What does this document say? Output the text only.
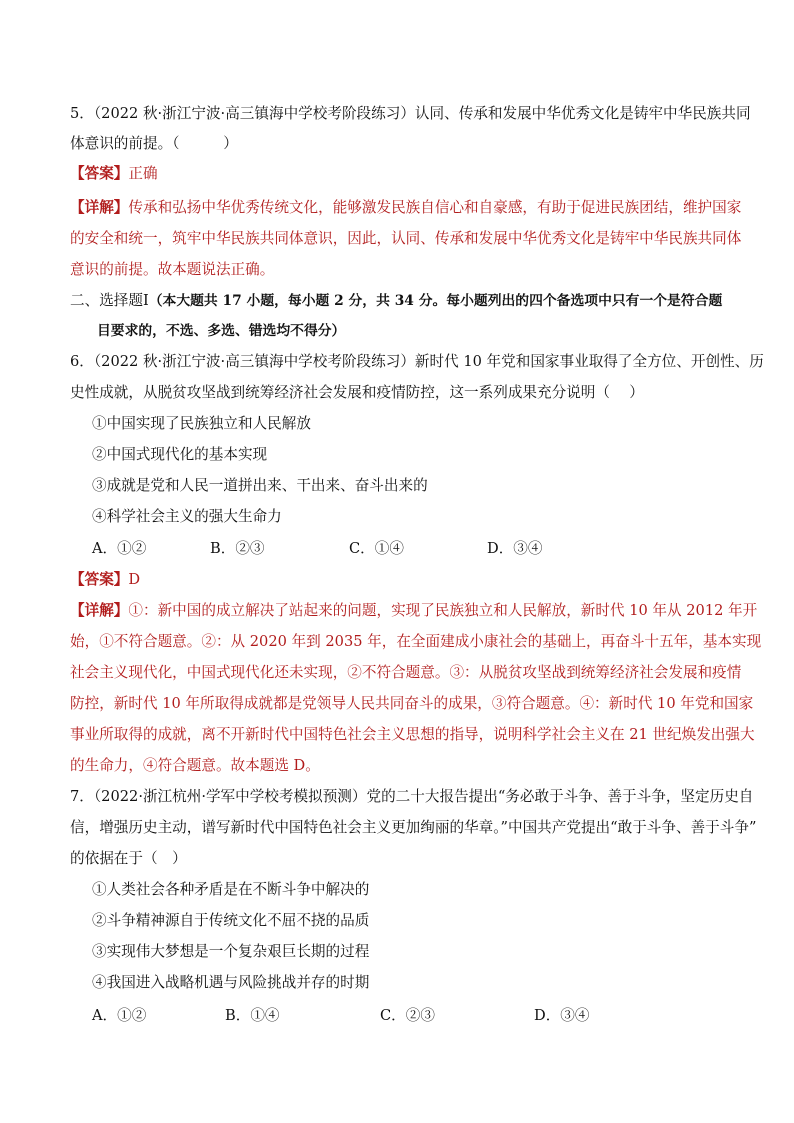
5．（2022 秋·浙江宁波·高三镇海中学校考阶段练习）认同、传承和发展中华优秀文化是铸牢中华民族共同
体意识的前提。（　　　）
【答案】正确
【详解】传承和弘扬中华优秀传统文化，能够激发民族自信心和自豪感，有助于促进民族团结，维护国家
的安全和统一，筑牢中华民族共同体意识，因此，认同、传承和发展中华优秀文化是铸牢中华民族共同体
意识的前提。故本题说法正确。
二、选择题Ⅰ（本大题共 17 小题，每小题 2 分，共 34 分。每小题列出的四个备选项中只有一个是符合题
目要求的，不选、多选、错选均不得分）
6．（2022 秋·浙江宁波·高三镇海中学校考阶段练习）新时代 10 年党和国家事业取得了全方位、开创性、历
史性成就，从脱贫攻坚战到统筹经济社会发展和疫情防控，这一系列成果充分说明（　 ）
①中国实现了民族独立和人民解放
②中国式现代化的基本实现
③成就是党和人民一道拼出来、干出来、奋斗出来的
④科学社会主义的强大生命力
A．①②	B．②③	C．①④	D．③④
【答案】D
【详解】①：新中国的成立解决了站起来的问题，实现了民族独立和人民解放，新时代 10 年从 2012 年开
始，①不符合题意。②：从 2020 年到 2035 年，在全面建成小康社会的基础上，再奋斗十五年，基本实现
社会主义现代化，中国式现代化还未实现，②不符合题意。③：从脱贫攻坚战到统筹经济社会发展和疫情
防控，新时代 10 年所取得成就都是党领导人民共同奋斗的成果，③符合题意。④：新时代 10 年党和国家
事业所取得的成就，离不开新时代中国特色社会主义思想的指导，说明科学社会主义在 21 世纪焕发出强大
的生命力，④符合题意。故本题选 D。
7．（2022·浙江杭州·学军中学校考模拟预测）党的二十大报告提出“务必敢于斗争、善于斗争，坚定历史自
信，增强历史主动，谱写新时代中国特色社会主义更加绚丽的华章。”中国共产党提出“敢于斗争、善于斗争”
的依据在于（　）
①人类社会各种矛盾是在不断斗争中解决的
②斗争精神源自于传统文化不屈不挠的品质
③实现伟大梦想是一个复杂艰巨长期的过程
④我国进入战略机遇与风险挑战并存的时期
A．①②	B．①④	C．②③	D．③④
